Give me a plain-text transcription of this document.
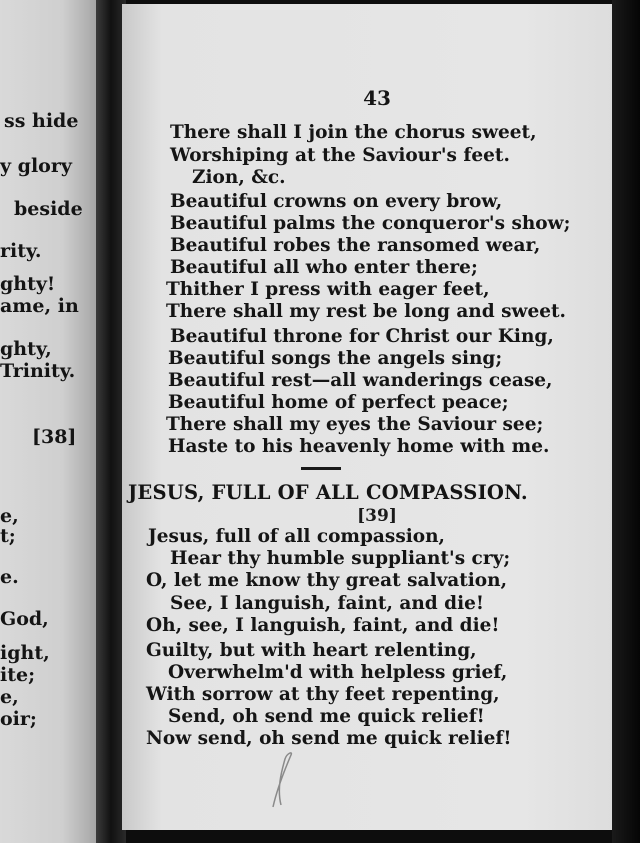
ss hide
y glory
beside
rity.
ghty!
ame, in
ghty,
Trinity.
[38]
e,
t;
e.
God,
ight,
ite;
e,
oir;
43
There shall I join the chorus sweet,
Worshiping at the Saviour's feet.
Zion, &c.
Beautiful crowns on every brow,
Beautiful palms the conqueror's show;
Beautiful robes the ransomed wear,
Beautiful all who enter there;
Thither I press with eager feet,
There shall my rest be long and sweet.
Beautiful throne for Christ our King,
Beautiful songs the angels sing;
Beautiful rest—all wanderings cease,
Beautiful home of perfect peace;
There shall my eyes the Saviour see;
Haste to his heavenly home with me.
JESUS, FULL OF ALL COMPASSION.
[39]
Jesus, full of all compassion,
Hear thy humble suppliant's cry;
O, let me know thy great salvation,
See, I languish, faint, and die!
Oh, see, I languish, faint, and die!
Guilty, but with heart relenting,
Overwhelm'd with helpless grief,
With sorrow at thy feet repenting,
Send, oh send me quick relief!
Now send, oh send me quick relief!
